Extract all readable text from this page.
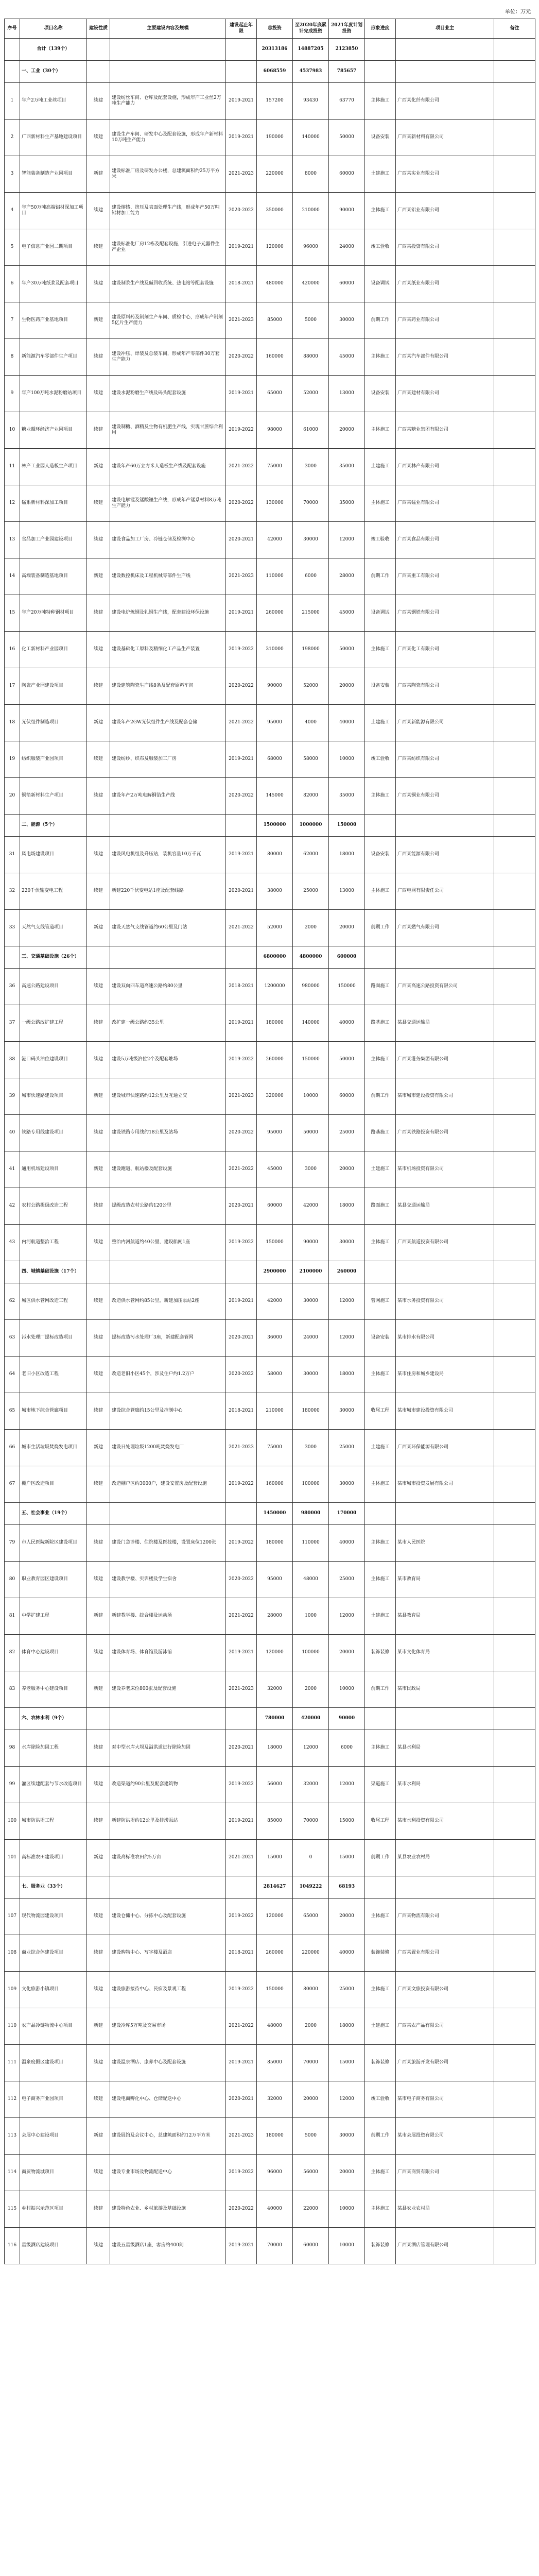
单位：万元
序号	项目名称	建设性质	主要建设内容及规模	建设起止年限	总投资	至2020年底累计完成投资	2021年度计划投资	形象进度	项目业主	备注
	合计（139个）				20313186	14887205	2123850			
	一、工业（30个）				6068559	4537983	785657			
1	年产2万吨工业丝项目	续建	建设纺丝车间、仓库及配套设施，形成年产工业丝2万吨生产能力	2019-2021	157200	93430	63770	主体施工	广西某化纤有限公司	
2	广西新材料生产基地建设项目	续建	建设生产车间、研发中心及配套设施，形成年产新材料10万吨生产能力	2019-2021	190000	140000	50000	设备安装	广西某新材料有限公司	
3	智能装备制造产业园项目	新建	建设标准厂房及研发办公楼，总建筑面积约25万平方米	2021-2023	220000	8000	60000	土建施工	广西某实业有限公司	
4	年产50万吨高端铝材深加工项目	续建	建设熔铸、挤压及表面处理生产线，形成年产50万吨铝材加工能力	2020-2022	350000	210000	90000	主体施工	广西某铝业有限公司	
5	电子信息产业园二期项目	续建	建设标准化厂房12栋及配套设施，引进电子元器件生产企业	2019-2021	120000	96000	24000	竣工验收	广西某投资有限公司	
6	年产30万吨纸浆及配套项目	续建	建设制浆生产线及碱回收系统、热电站等配套设施	2018-2021	480000	420000	60000	设备调试	广西某纸业有限公司	
7	生物医药产业基地项目	新建	建设原料药及制剂生产车间、质检中心，形成年产制剂5亿片生产能力	2021-2023	85000	5000	30000	前期工作	广西某药业有限公司	
8	新能源汽车零部件生产项目	续建	建设冲压、焊装及总装车间，形成年产零部件30万套生产能力	2020-2022	160000	88000	45000	主体施工	广西某汽车部件有限公司	
9	年产100万吨水泥粉磨站项目	续建	建设水泥粉磨生产线及码头配套设施	2019-2021	65000	52000	13000	设备安装	广西某建材有限公司	
10	糖业循环经济产业园项目	续建	建设制糖、酒精及生物有机肥生产线，实现甘蔗综合利用	2019-2022	98000	61000	20000	主体施工	广西某糖业集团有限公司	
11	林产工业园人造板生产项目	新建	建设年产60万立方米人造板生产线及配套设施	2021-2022	75000	3000	35000	土建施工	广西某林产有限公司	
12	锰系新材料深加工项目	续建	建设电解锰及锰酸锂生产线，形成年产锰系材料8万吨生产能力	2020-2022	130000	70000	35000	主体施工	广西某锰业有限公司	
13	食品加工产业园建设项目	续建	建设食品加工厂房、冷链仓储及检测中心	2020-2021	42000	30000	12000	竣工验收	广西某食品有限公司	
14	高端装备制造基地项目	新建	建设数控机床及工程机械零部件生产线	2021-2023	110000	6000	28000	前期工作	广西某重工有限公司	
15	年产20万吨特种钢材项目	续建	建设电炉炼钢及轧钢生产线，配套建设环保设施	2019-2021	260000	215000	45000	设备调试	广西某钢铁有限公司	
16	化工新材料产业园项目	续建	建设基础化工原料及精细化工产品生产装置	2019-2022	310000	198000	50000	主体施工	广西某化工有限公司	
17	陶瓷产业园建设项目	续建	建设建筑陶瓷生产线8条及配套原料车间	2020-2022	90000	52000	20000	设备安装	广西某陶瓷有限公司	
18	光伏组件制造项目	新建	建设年产2GW光伏组件生产线及配套仓储	2021-2022	95000	4000	40000	土建施工	广西某新能源有限公司	
19	纺织服装产业园项目	续建	建设纺纱、织布及服装加工厂房	2019-2021	68000	58000	10000	竣工验收	广西某纺织有限公司	
20	铜箔新材料生产项目	续建	建设年产2万吨电解铜箔生产线	2020-2022	145000	82000	35000	主体施工	广西某铜业有限公司	
	二、能源（5个）				1500000	1000000	150000			
31	风电场建设项目	续建	建设风电机组及升压站，装机容量10万千瓦	2019-2021	80000	62000	18000	设备安装	广西某能源有限公司	
32	220千伏输变电工程	续建	新建220千伏变电站1座及配套线路	2020-2021	38000	25000	13000	主体施工	广西电网有限责任公司	
33	天然气支线管道项目	新建	建设天然气支线管道约60公里及门站	2021-2022	52000	2000	20000	前期工作	广西某燃气有限公司	
	三、交通基础设施（26个）				6800000	4800000	600000			
36	高速公路建设项目	续建	建设双向四车道高速公路约80公里	2018-2021	1200000	980000	150000	路面施工	广西某高速公路投资有限公司	
37	一级公路改扩建工程	续建	改扩建一级公路约35公里	2019-2021	180000	140000	40000	路基施工	某县交通运输局	
38	港口码头泊位建设项目	续建	建设5万吨级泊位2个及配套堆场	2019-2022	260000	150000	50000	主体施工	广西某港务集团有限公司	
39	城市快速路建设项目	新建	建设城市快速路约12公里及互通立交	2021-2023	320000	10000	60000	前期工作	某市城市建设投资有限公司	
40	铁路专用线建设项目	续建	建设铁路专用线约18公里及站场	2020-2022	95000	50000	25000	路基施工	广西某铁路投资有限公司	
41	通用机场建设项目	新建	建设跑道、航站楼及配套设施	2021-2022	45000	3000	20000	土建施工	某市机场投资有限公司	
42	农村公路提级改造工程	续建	提级改造农村公路约120公里	2020-2021	60000	42000	18000	路面施工	某县交通运输局	
43	内河航道整治工程	续建	整治内河航道约40公里，建设船闸1座	2019-2022	150000	90000	30000	主体施工	广西某航道投资有限公司	
	四、城镇基础设施（17个）				2900000	2100000	260000			
62	城区供水管网改造工程	续建	改造供水管网约85公里，新建加压泵站2座	2019-2021	42000	30000	12000	管网施工	某市水务投资有限公司	
63	污水处理厂提标改造项目	续建	提标改造污水处理厂3座，新建配套管网	2020-2021	36000	24000	12000	设备安装	某市排水有限公司	
64	老旧小区改造工程	续建	改造老旧小区45个，涉及住户约1.2万户	2020-2022	58000	30000	18000	主体施工	某市住房和城乡建设局	
65	城市地下综合管廊项目	续建	建设综合管廊约15公里及控制中心	2018-2021	210000	180000	30000	收尾工程	某市城市建设投资有限公司	
66	城市生活垃圾焚烧发电项目	新建	建设日处理垃圾1200吨焚烧发电厂	2021-2023	75000	3000	25000	土建施工	广西某环保能源有限公司	
67	棚户区改造项目	续建	改造棚户区约3000户，建设安置房及配套设施	2019-2022	160000	100000	30000	主体施工	某市城市投资发展有限公司	
	五、社会事业（19个）				1450000	980000	170000			
79	市人民医院新院区建设项目	续建	建设门急诊楼、住院楼及医技楼，设置床位1200张	2019-2022	180000	110000	40000	主体施工	某市人民医院	
80	职业教育园区建设项目	续建	建设教学楼、实训楼及学生宿舍	2020-2022	95000	48000	25000	主体施工	某市教育局	
81	中学扩建工程	新建	新建教学楼、综合楼及运动场	2021-2022	28000	1000	12000	土建施工	某县教育局	
82	体育中心建设项目	续建	建设体育场、体育馆及游泳馆	2019-2021	120000	100000	20000	装饰装修	某市文化体育局	
83	养老服务中心建设项目	新建	建设养老床位800张及配套设施	2021-2023	32000	2000	10000	前期工作	某市民政局	
	六、农林水利（9个）				780000	420000	90000			
98	水库除险加固工程	续建	对中型水库大坝及溢洪道进行除险加固	2020-2021	18000	12000	6000	主体施工	某县水利局	
99	灌区续建配套与节水改造项目	续建	改造渠道约90公里及配套建筑物	2019-2022	56000	32000	12000	渠道施工	某市水利局	
100	城市防洪堤工程	续建	新建防洪堤约12公里及排涝泵站	2019-2021	85000	70000	15000	收尾工程	某市水利投资有限公司	
101	高标准农田建设项目	新建	建设高标准农田约5万亩	2021-2021	15000	0	15000	前期工作	某县农业农村局	
	七、服务业（33个）				2814627	1049222	68193			
107	现代物流园建设项目	续建	建设仓储中心、分拣中心及配套设施	2019-2022	120000	65000	20000	主体施工	广西某物流有限公司	
108	商业综合体建设项目	续建	建设购物中心、写字楼及酒店	2018-2021	260000	220000	40000	装饰装修	广西某置业有限公司	
109	文化旅游小镇项目	续建	建设旅游接待中心、民宿及景观工程	2019-2022	150000	80000	25000	主体施工	广西某文旅投资有限公司	
110	农产品冷链物流中心项目	新建	建设冷库5万吨及交易市场	2021-2022	48000	2000	18000	土建施工	广西某农产品有限公司	
111	温泉度假区建设项目	续建	建设温泉酒店、康养中心及配套设施	2019-2021	85000	70000	15000	装饰装修	广西某旅游开发有限公司	
112	电子商务产业园项目	续建	建设电商孵化中心、仓储配送中心	2020-2021	32000	20000	12000	竣工验收	某市电子商务有限公司	
113	会展中心建设项目	新建	建设展馆及会议中心，总建筑面积约12万平方米	2021-2023	180000	5000	30000	前期工作	某市会展投资有限公司	
114	商贸物流城项目	续建	建设专业市场及物流配送中心	2019-2022	96000	56000	20000	主体施工	广西某商贸有限公司	
115	乡村振兴示范区项目	续建	建设特色农业、乡村旅游及基础设施	2020-2022	40000	22000	10000	主体施工	某县农业农村局	
116	星级酒店建设项目	续建	建设五星级酒店1座，客房约400间	2019-2021	70000	60000	10000	装饰装修	广西某酒店管理有限公司	
